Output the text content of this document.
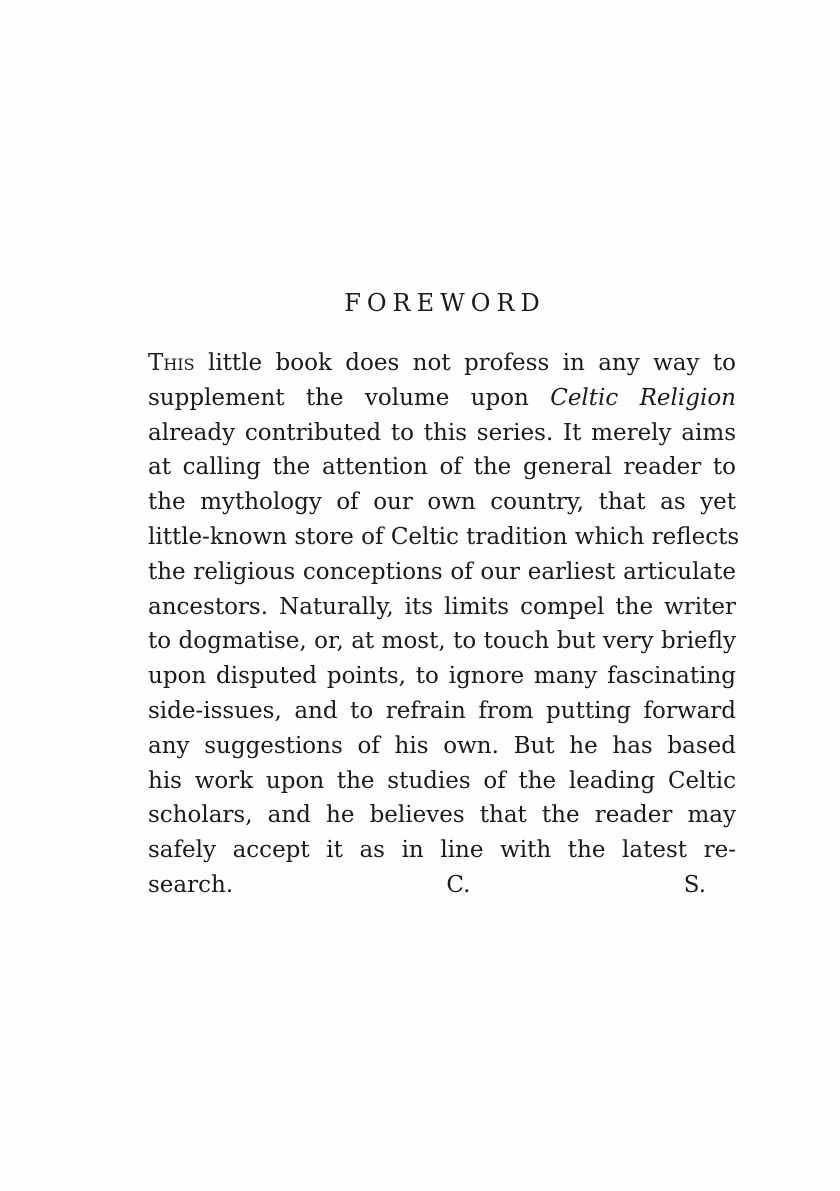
FOREWORD
This little book does not profess in any way to
supplement the volume upon Celtic Religion
already contributed to this series. It merely aims
at calling the attention of the general reader to
the mythology of our own country, that as yet
little-known store of Celtic tradition which reflects
the religious conceptions of our earliest articulate
ancestors. Naturally, its limits compel the writer
to dogmatise, or, at most, to touch but very briefly
upon disputed points, to ignore many fascinating
side-issues, and to refrain from putting forward
any suggestions of his own. But he has based
his work upon the studies of the leading Celtic
scholars, and he believes that the reader may
safely accept it as in line with the latest re-
search.	C. S.
